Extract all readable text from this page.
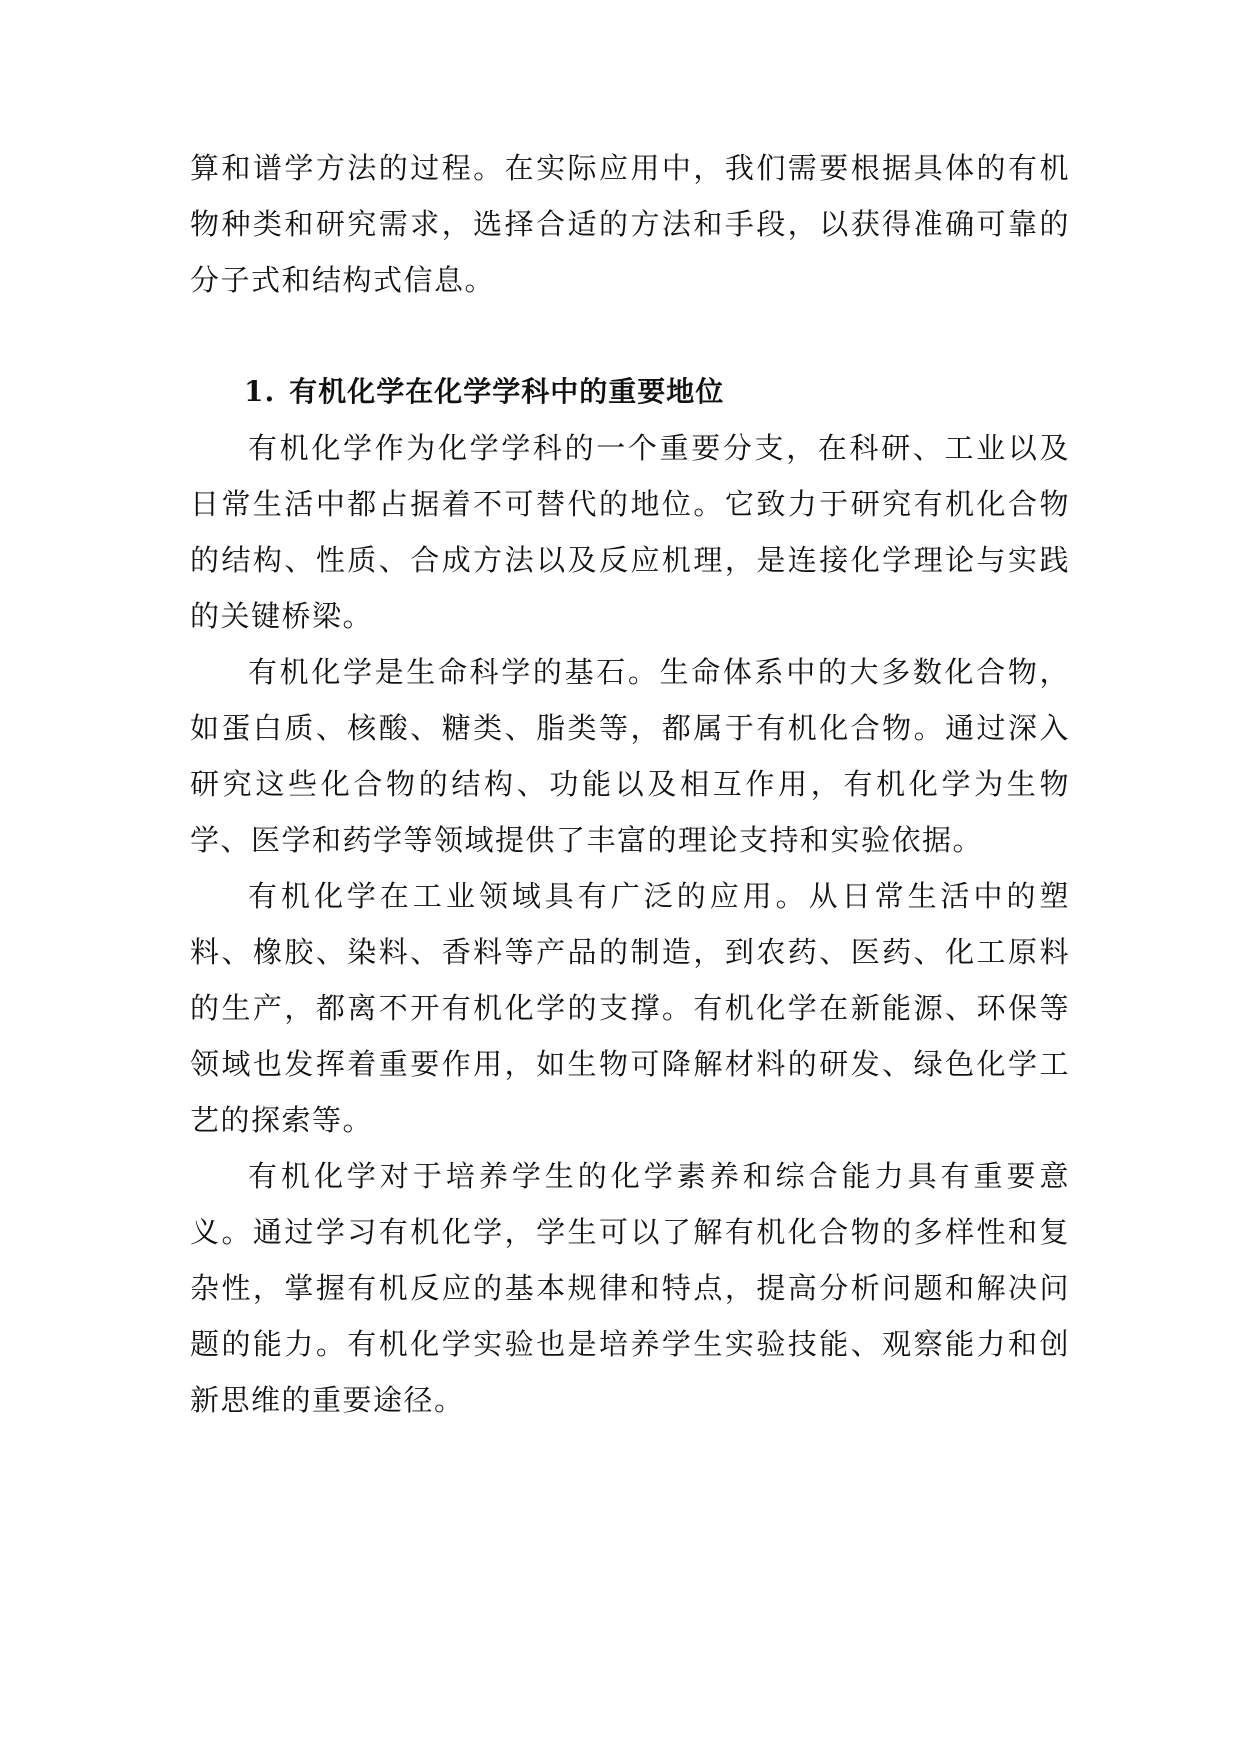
算和谱学方法的过程。在实际应用中，我们需要根据具体的有机物种类和研究需求，选择合适的方法和手段，以获得准确可靠的分子式和结构式信息。

1. 有机化学在化学学科中的重要地位

有机化学作为化学学科的一个重要分支，在科研、工业以及日常生活中都占据着不可替代的地位。它致力于研究有机化合物的结构、性质、合成方法以及反应机理，是连接化学理论与实践的关键桥梁。

有机化学是生命科学的基石。生命体系中的大多数化合物，如蛋白质、核酸、糖类、脂类等，都属于有机化合物。通过深入研究这些化合物的结构、功能以及相互作用，有机化学为生物学、医学和药学等领域提供了丰富的理论支持和实验依据。

有机化学在工业领域具有广泛的应用。从日常生活中的塑料、橡胶、染料、香料等产品的制造，到农药、医药、化工原料的生产，都离不开有机化学的支撑。有机化学在新能源、环保等领域也发挥着重要作用，如生物可降解材料的研发、绿色化学工艺的探索等。

有机化学对于培养学生的化学素养和综合能力具有重要意义。通过学习有机化学，学生可以了解有机化合物的多样性和复杂性，掌握有机反应的基本规律和特点，提高分析问题和解决问题的能力。有机化学实验也是培养学生实验技能、观察能力和创新思维的重要途径。
